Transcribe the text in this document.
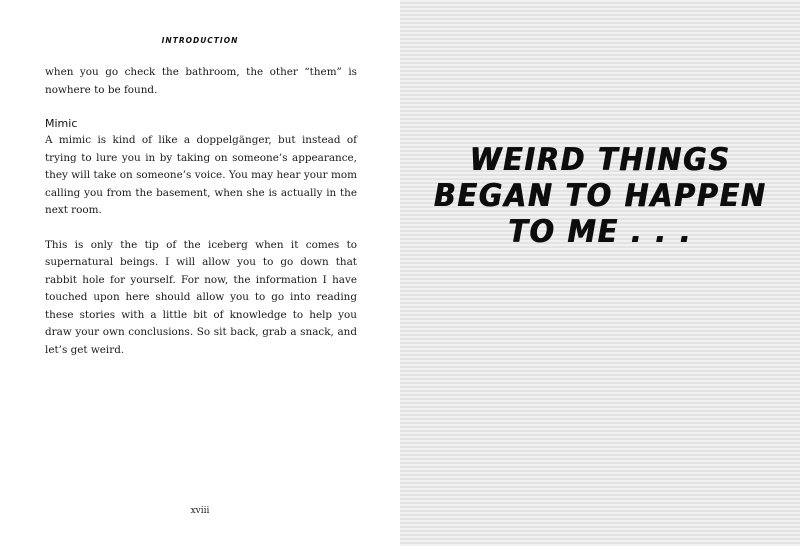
INTRODUCTION

when you go check the bathroom, the other “them” is nowhere to be found.

Mimic

A mimic is kind of like a doppelgänger, but instead of trying to lure you in by taking on someone’s appearance, they will take on someone’s voice. You may hear your mom calling you from the basement, when she is actually in the next room.

This is only the tip of the iceberg when it comes to supernatural beings. I will allow you to go down that rabbit hole for yourself. For now, the information I have touched upon here should allow you to go into reading these stories with a little bit of knowledge to help you draw your own conclusions. So sit back, grab a snack, and let’s get weird.

xviii
WEIRD THINGS
BEGAN TO HAPPEN
TO ME . . .
